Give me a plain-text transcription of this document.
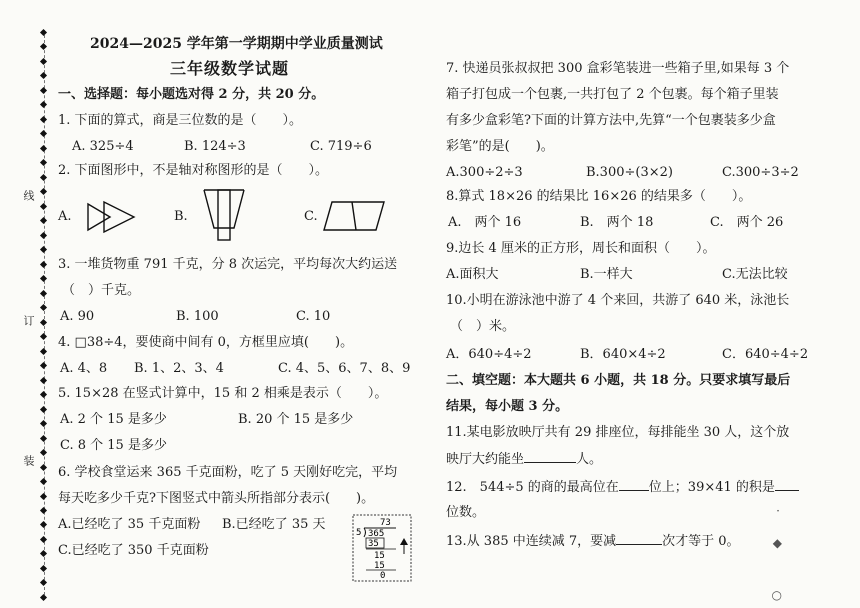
线
订
装
2024—2025 学年第一学期期中学业质量测试
三年级数学试题
一、选择题：每小题选对得 2 分，共 20 分。
1. 下面的算式，商是三位数的是（　　）。
A. 325÷4	B. 124÷3	C. 719÷6
2. 下面图形中，不是轴对称图形的是（　　）。
A.	B.	C.
3. 一堆货物重 791 千克，分 8 次运完，平均每次大约运送
（　）千克。
A. 90	B. 100	C. 10
4. □38÷4，要使商中间有 0，方框里应填(　　)。
A. 4、8 B. 1、2、3、4	C. 4、5、6、7、8、9
5. 15×28 在竖式计算中，15 和 2 相乘是表示（　　）。
A. 2 个 15 是多少	B. 20 个 15 是多少
C. 8 个 15 是多少
6. 学校食堂运来 365 千克面粉，吃了 5 天刚好吃完，平均
每天吃多少千克?下图竖式中箭头所指部分表示(　　)。
A.已经吃了 35 千克面粉 B.已经吃了 35 天
C.已经吃了 350 千克面粉
73
5 365
35
15
15
0
7. 快递员张叔叔把 300 盒彩笔装进一些箱子里,如果每 3 个
箱子打包成一个包裹,一共打包了 2 个包裹。每个箱子里装
有多少盒彩笔?下面的计算方法中,先算“一个包裹装多少盒
彩笔”的是(　　)。
A.300÷2÷3	B.300÷(3×2)	C.300÷3÷2
8.算式 18×26 的结果比 16×26 的结果多（　　）。
A.　两个 16	B.　两个 18	C.　两个 26
9.边长 4 厘米的正方形，周长和面积（　　）。
A.面积大	B.一样大	C.无法比较
10.小明在游泳池中游了 4 个来回，共游了 640 米，泳池长
（　）米。
A．640÷4÷2	B．640×4÷2	C．640÷4÷2
二、填空题：本大题共 6 小题，共 18 分。只要求填写最后
结果，每小题 3 分。
11.某电影放映厅共有 29 排座位，每排能坐 30 人，这个放
映厅大约能坐	人。
12.　544÷5 的商的最高位在 位上；39×41 的积是
位数。
13.从 385 中连续减 7，要减	次才等于 0。
·
◆
○
